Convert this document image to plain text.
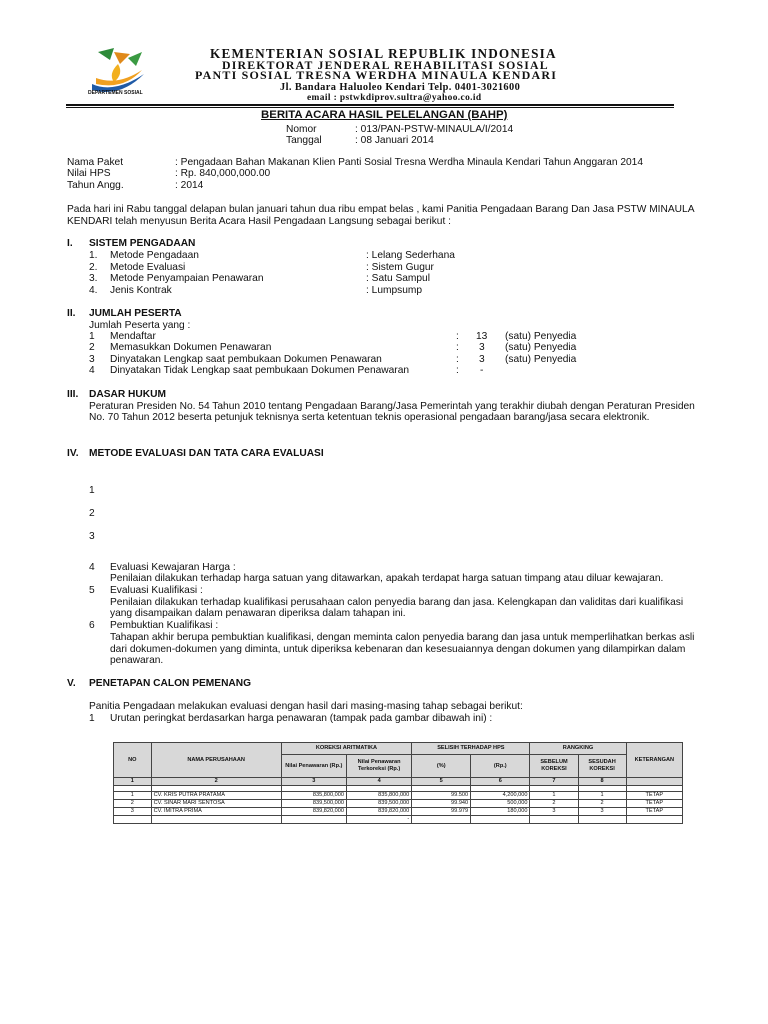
DEPARTEMEN SOSIAL
KEMENTERIAN SOSIAL REPUBLIK INDONESIA
DIREKTORAT JENDERAL REHABILITASI SOSIAL
PANTI SOSIAL TRESNA WERDHA MINAULA KENDARI
Jl. Bandara Haluoleo Kendari Telp. 0401-3021600
email : pstwkdiprov.sultra@yahoo.co.id
BERITA ACARA HASIL PELELANGAN (BAHP)
Nomor	: 013/PAN-PSTW-MINAULA/I/2014
Tanggal	: 08 Januari 2014
Nama Paket	: Pengadaan Bahan Makanan Klien Panti Sosial Tresna Werdha Minaula Kendari Tahun Anggaran 2014
Nilai HPS	: Rp. 840,000,000.00
Tahun Angg.	: 2014
Pada hari ini Rabu tanggal delapan bulan januari tahun dua ribu empat belas , kami Panitia Pengadaan Barang Dan Jasa PSTW MINAULA
KENDARI telah menyusun Berita Acara Hasil Pengadaan Langsung sebagai berikut :
I. SISTEM PENGADAAN
1. Metode Pengadaan	: Lelang Sederhana
2. Metode Evaluasi	: Sistem Gugur
3. Metode Penyampaian Penawaran	: Satu Sampul
4. Jenis Kontrak	: Lumpsump
II. JUMLAH PESERTA
Jumlah Peserta yang :
1 Mendaftar	: 13 (satu) Penyedia
2 Memasukkan Dokumen Penawaran	: 3 (satu) Penyedia
3 Dinyatakan Lengkap saat pembukaan Dokumen Penawaran	: 3 (satu) Penyedia
4 Dinyatakan Tidak Lengkap saat pembukaan Dokumen Penawaran	: -
III. DASAR HUKUM
Peraturan Presiden No. 54 Tahun 2010 tentang Pengadaan Barang/Jasa Pemerintah yang terakhir diubah dengan Peraturan Presiden
No. 70 Tahun 2012 beserta petunjuk teknisnya serta ketentuan teknis operasional pengadaan barang/jasa secara elektronik.
IV. METODE EVALUASI DAN TATA CARA EVALUASI
1
2
3
4 Evaluasi Kewajaran Harga :
Penilaian dilakukan terhadap harga satuan yang ditawarkan, apakah terdapat harga satuan timpang atau diluar kewajaran.
5 Evaluasi Kualifikasi :
Penilaian dilakukan terhadap kualifikasi perusahaan calon penyedia barang dan jasa. Kelengkapan dan validitas dari kualifikasi
yang disampaikan dalam penawaran diperiksa dalam tahapan ini.
6 Pembuktian Kualifikasi :
Tahapan akhir berupa pembuktian kualifikasi, dengan meminta calon penyedia barang dan jasa untuk memperlihatkan berkas asli
dari dokumen-dokumen yang diminta, untuk diperiksa kebenaran dan kesesuaiannya dengan dokumen yang dilampirkan dalam
penawaran.
V. PENETAPAN CALON PEMENANG
Panitia Pengadaan melakukan evaluasi dengan hasil dari masing-masing tahap sebagai berikut:
1 Urutan peringkat berdasarkan harga penawaran (tampak pada gambar dibawah ini) :
NO	NAMA PERUSAHAAN	KOREKSI ARITMATIKA		SELISIH TERHADAP HPS		RANGKING		KETERANGAN
		Nilai Penawaran (Rp.)	Nilai Penawaran Terkoreksi (Rp.)	(%)	(Rp.)	SEBELUM KOREKSI	SESUDAH KOREKSI	
1	2	3	4	5	6	7	8	

1	CV. KRIS PUTRA PRATAMA	835,800,000	835,800,000	99.500	4,200,000	1	1	TETAP
2	CV. SINAR MARI SENTOSA	839,500,000	839,500,000	99.940	500,000	2	2	TETAP
3	CV. IMITRA PRIMA	839,820,000	839,820,000	99.979	180,000	3	3	TETAP
			-					
